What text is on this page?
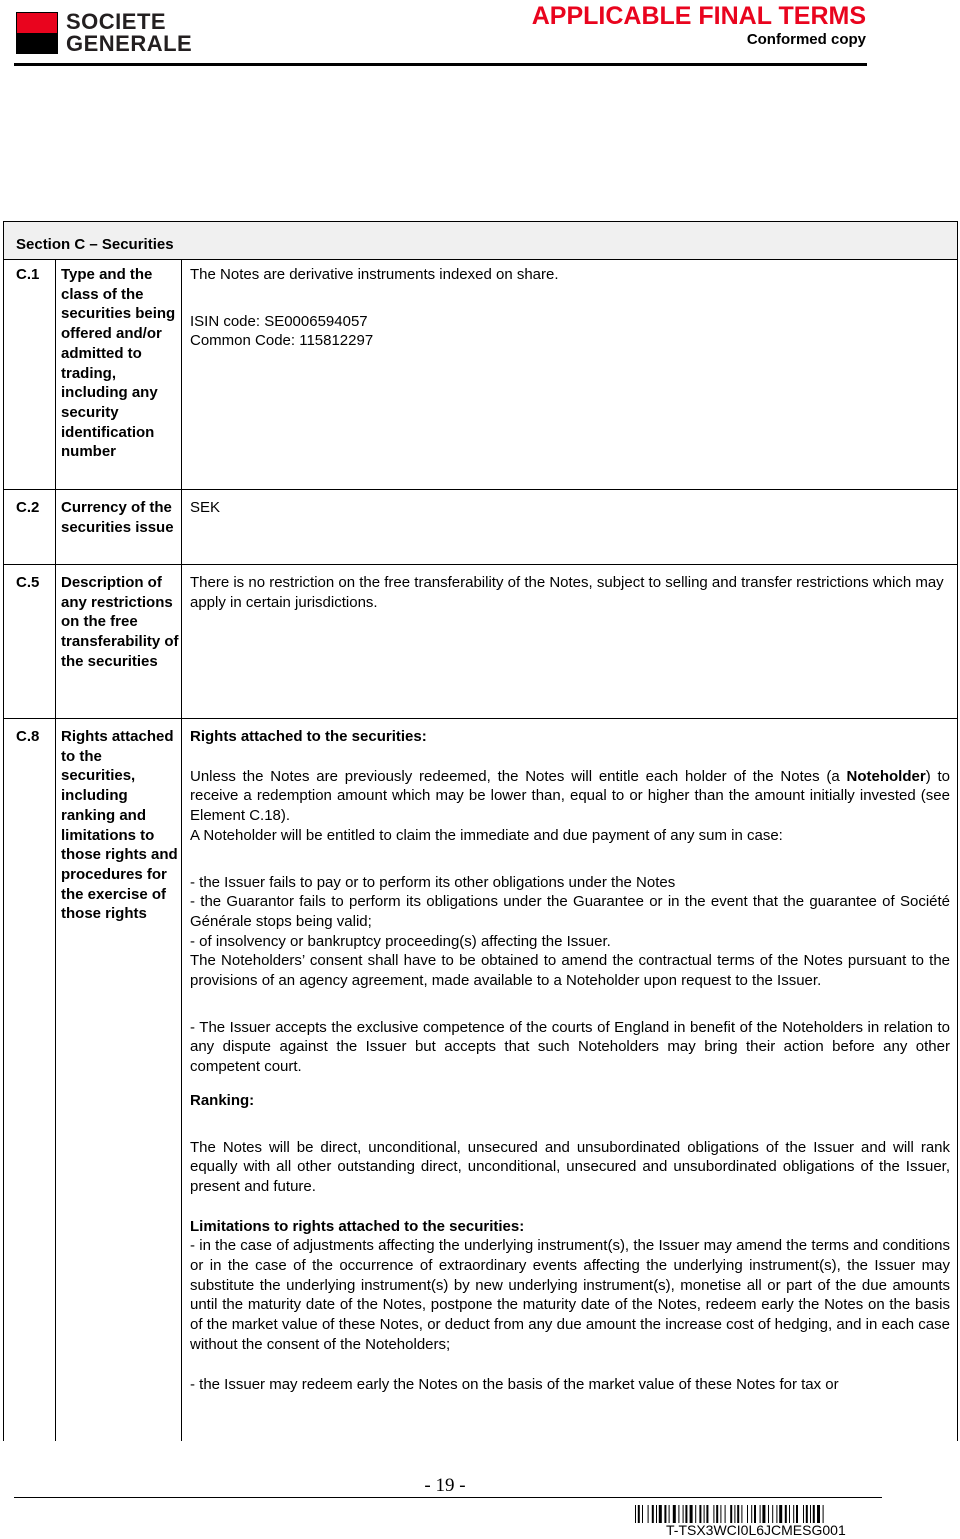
SOCIETE
GENERALE
APPLICABLE FINAL TERMS
Conformed copy
Section C – Securities
C.1 Type and the class of the securities being offered and/or admitted to trading, including any security identification number

The Notes are derivative instruments indexed on share.

ISIN code: SE0006594057

Common Code: 115812297

C.2 Currency of the securities issue

SEK

C.5 Description of any restrictions on the free transferability of the securities

There is no restriction on the free transferability of the Notes, subject to selling and transfer restrictions which may apply in certain jurisdictions.

C.8 Rights attached to the securities, including ranking and limitations to those rights and procedures for the exercise of those rights

Rights attached to the securities:

Unless the Notes are previously redeemed, the Notes will entitle each holder of the Notes (a Noteholder) to receive a redemption amount which may be lower than, equal to or higher than the amount initially invested (see Element C.18).

A Noteholder will be entitled to claim the immediate and due payment of any sum in case:

- the Issuer fails to pay or to perform its other obligations under the Notes

- the Guarantor fails to perform its obligations under the Guarantee or in the event that the guarantee of Société Générale stops being valid;

- of insolvency or bankruptcy proceeding(s) affecting the Issuer.

The Noteholders’ consent shall have to be obtained to amend the contractual terms of the Notes pursuant to the provisions of an agency agreement, made available to a Noteholder upon request to the Issuer.

- The Issuer accepts the exclusive competence of the courts of England in benefit of the Noteholders in relation to any dispute against the Issuer but accepts that such Noteholders may bring their action before any other competent court.

Ranking:

The Notes will be direct, unconditional, unsecured and unsubordinated obligations of the Issuer and will rank equally with all other outstanding direct, unconditional, unsecured and unsubordinated obligations of the Issuer, present and future.

Limitations to rights attached to the securities:

- in the case of adjustments affecting the underlying instrument(s), the Issuer may amend the terms and conditions or in the case of the occurrence of extraordinary events affecting the underlying instrument(s), the Issuer may substitute the underlying instrument(s) by new underlying instrument(s), monetise all or part of the due amounts until the maturity date of the Notes, postpone the maturity date of the Notes, redeem early the Notes on the basis of the market value of these Notes, or deduct from any due amount the increase cost of hedging, and in each case without the consent of the Noteholders;

- the Issuer may redeem early the Notes on the basis of the market value of these Notes for tax or

- 19 -
T-TSX3WCI0L6JCMESG001
